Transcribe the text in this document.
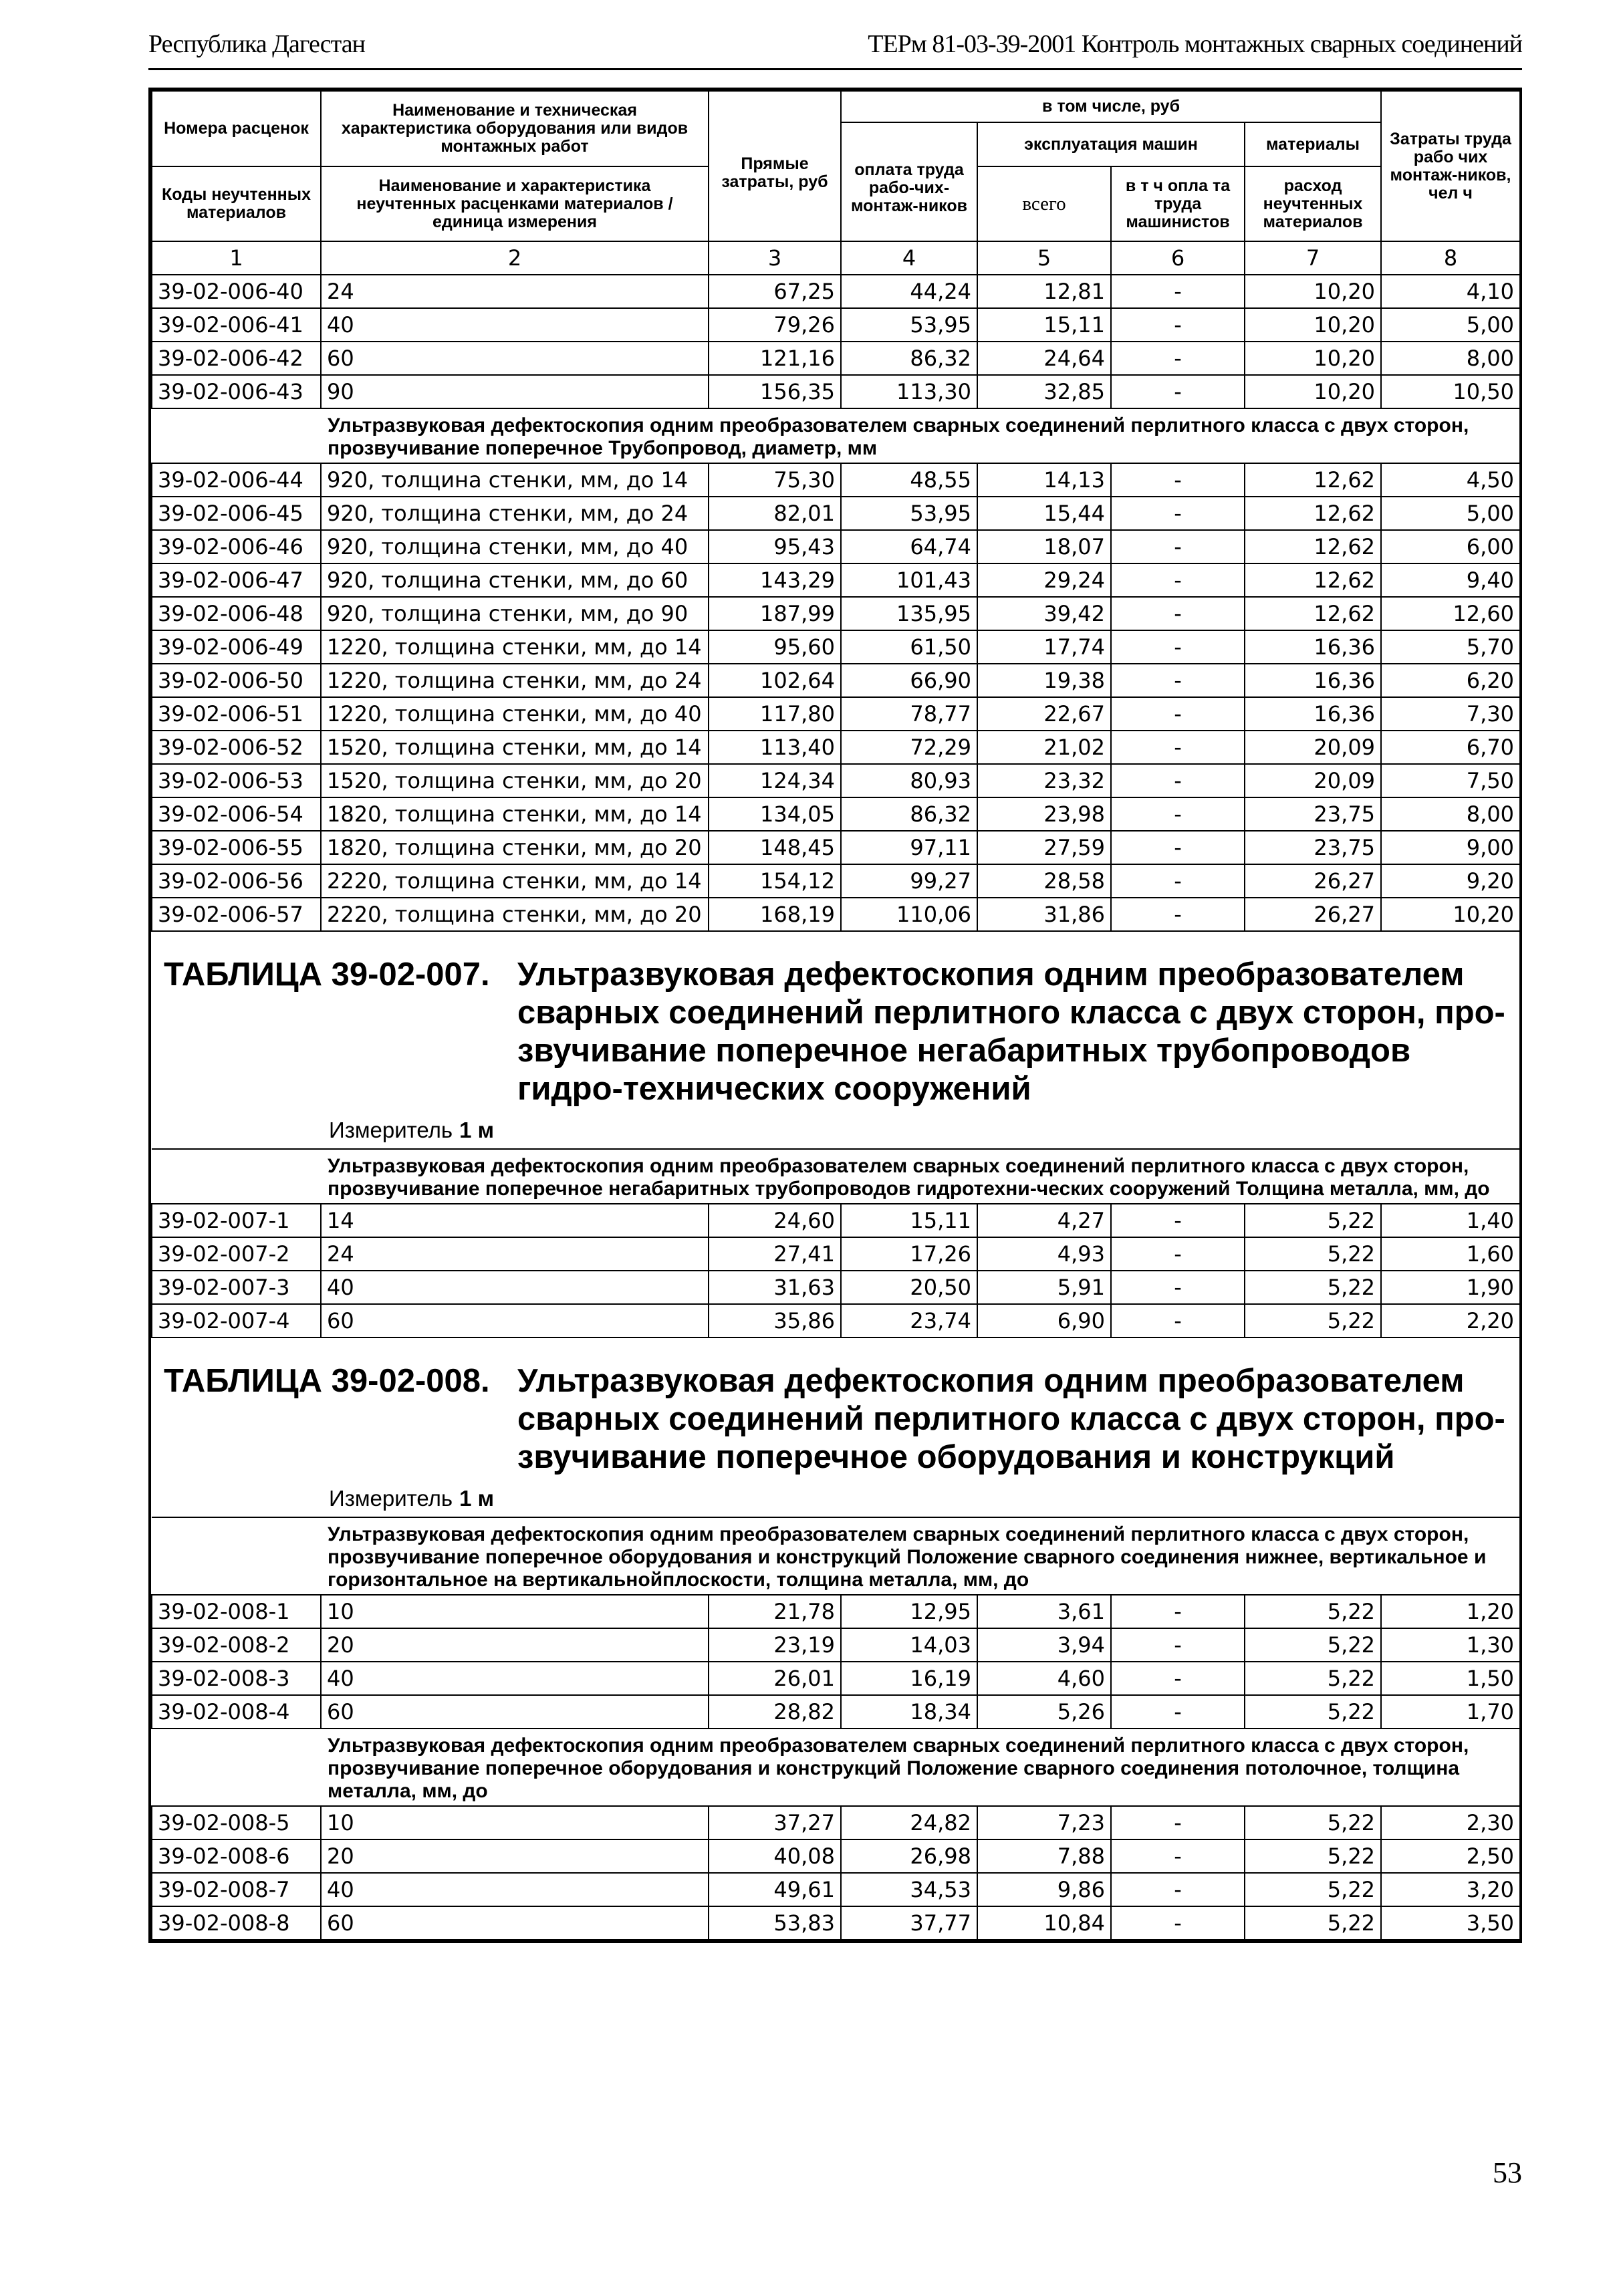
Республика Дагестан	ТЕРм 81-03-39-2001 Контроль монтажных сварных соединений
Номера расценок	Наименование и техническая характеристика оборудования или видов монтажных работ	Прямые затраты, руб	в том числе, руб				Затраты труда рабо чих монтаж-ников, чел ч
			оплата труда рабо-чих-монтаж-ников	эксплуатация машин		материалы	
Коды неучтенных материалов	Наименование и характеристика неучтенных расценками материалов / единица измерения			всего	в т ч опла та труда машинистов	расход неучтенных материалов	

1	2	3	4	5	6	7	8
39-02-006-40	24	67,25	44,24	12,81	-	10,20	4,10
39-02-006-41	40	79,26	53,95	15,11	-	10,20	5,00
39-02-006-42	60	121,16	86,32	24,64	-	10,20	8,00
39-02-006-43	90	156,35	113,30	32,85	-	10,20	10,50
	Ультразвуковая дефектоскопия одним преобразователем сварных соединений перлитного класса с двух сторон, прозвучивание поперечное Трубопровод, диаметр, мм						
39-02-006-44	920, толщина стенки, мм, до 14	75,30	48,55	14,13	-	12,62	4,50
39-02-006-45	920, толщина стенки, мм, до 24	82,01	53,95	15,44	-	12,62	5,00
39-02-006-46	920, толщина стенки, мм, до 40	95,43	64,74	18,07	-	12,62	6,00
39-02-006-47	920, толщина стенки, мм, до 60	143,29	101,43	29,24	-	12,62	9,40
39-02-006-48	920, толщина стенки, мм, до 90	187,99	135,95	39,42	-	12,62	12,60
39-02-006-49	1220, толщина стенки, мм, до 14	95,60	61,50	17,74	-	16,36	5,70
39-02-006-50	1220, толщина стенки, мм, до 24	102,64	66,90	19,38	-	16,36	6,20
39-02-006-51	1220, толщина стенки, мм, до 40	117,80	78,77	22,67	-	16,36	7,30
39-02-006-52	1520, толщина стенки, мм, до 14	113,40	72,29	21,02	-	20,09	6,70
39-02-006-53	1520, толщина стенки, мм, до 20	124,34	80,93	23,32	-	20,09	7,50
39-02-006-54	1820, толщина стенки, мм, до 14	134,05	86,32	23,98	-	23,75	8,00
39-02-006-55	1820, толщина стенки, мм, до 20	148,45	97,11	27,59	-	23,75	9,00
39-02-006-56	2220, толщина стенки, мм, до 14	154,12	99,27	28,58	-	26,27	9,20
39-02-006-57	2220, толщина стенки, мм, до 20	168,19	110,06	31,86	-	26,27	10,20

ТАБЛИЦА 39-02-007. Ультразвуковая дефектоскопия одним преобразователем сварных соединений перлитного класса с двух сторон, про-звучивание поперечное негабаритных трубопроводов гидро-технических сооружений
Измеритель 1 м							

	Ультразвуковая дефектоскопия одним преобразователем сварных соединений перлитного класса с двух сторон, прозвучивание поперечное негабаритных трубопроводов гидротехни-ческих сооружений Толщина металла, мм, до						
39-02-007-1	14	24,60	15,11	4,27	-	5,22	1,40
39-02-007-2	24	27,41	17,26	4,93	-	5,22	1,60
39-02-007-3	40	31,63	20,50	5,91	-	5,22	1,90
39-02-007-4	60	35,86	23,74	6,90	-	5,22	2,20

ТАБЛИЦА 39-02-008. Ультразвуковая дефектоскопия одним преобразователем сварных соединений перлитного класса с двух сторон, про-звучивание поперечное оборудования и конструкций
Измеритель 1 м							

	Ультразвуковая дефектоскопия одним преобразователем сварных соединений перлитного класса с двух сторон, прозвучивание поперечное оборудования и конструкций Положение сварного соединения нижнее, вертикальное и горизонтальное на вертикальнойплоскости, толщина металла, мм, до						
39-02-008-1	10	21,78	12,95	3,61	-	5,22	1,20
39-02-008-2	20	23,19	14,03	3,94	-	5,22	1,30
39-02-008-3	40	26,01	16,19	4,60	-	5,22	1,50
39-02-008-4	60	28,82	18,34	5,26	-	5,22	1,70
	Ультразвуковая дефектоскопия одним преобразователем сварных соединений перлитного класса с двух сторон, прозвучивание поперечное оборудования и конструкций Положение сварного соединения потолочное, толщина металла, мм, до						
39-02-008-5	10	37,27	24,82	7,23	-	5,22	2,30
39-02-008-6	20	40,08	26,98	7,88	-	5,22	2,50
39-02-008-7	40	49,61	34,53	9,86	-	5,22	3,20
39-02-008-8	60	53,83	37,77	10,84	-	5,22	3,50
53
